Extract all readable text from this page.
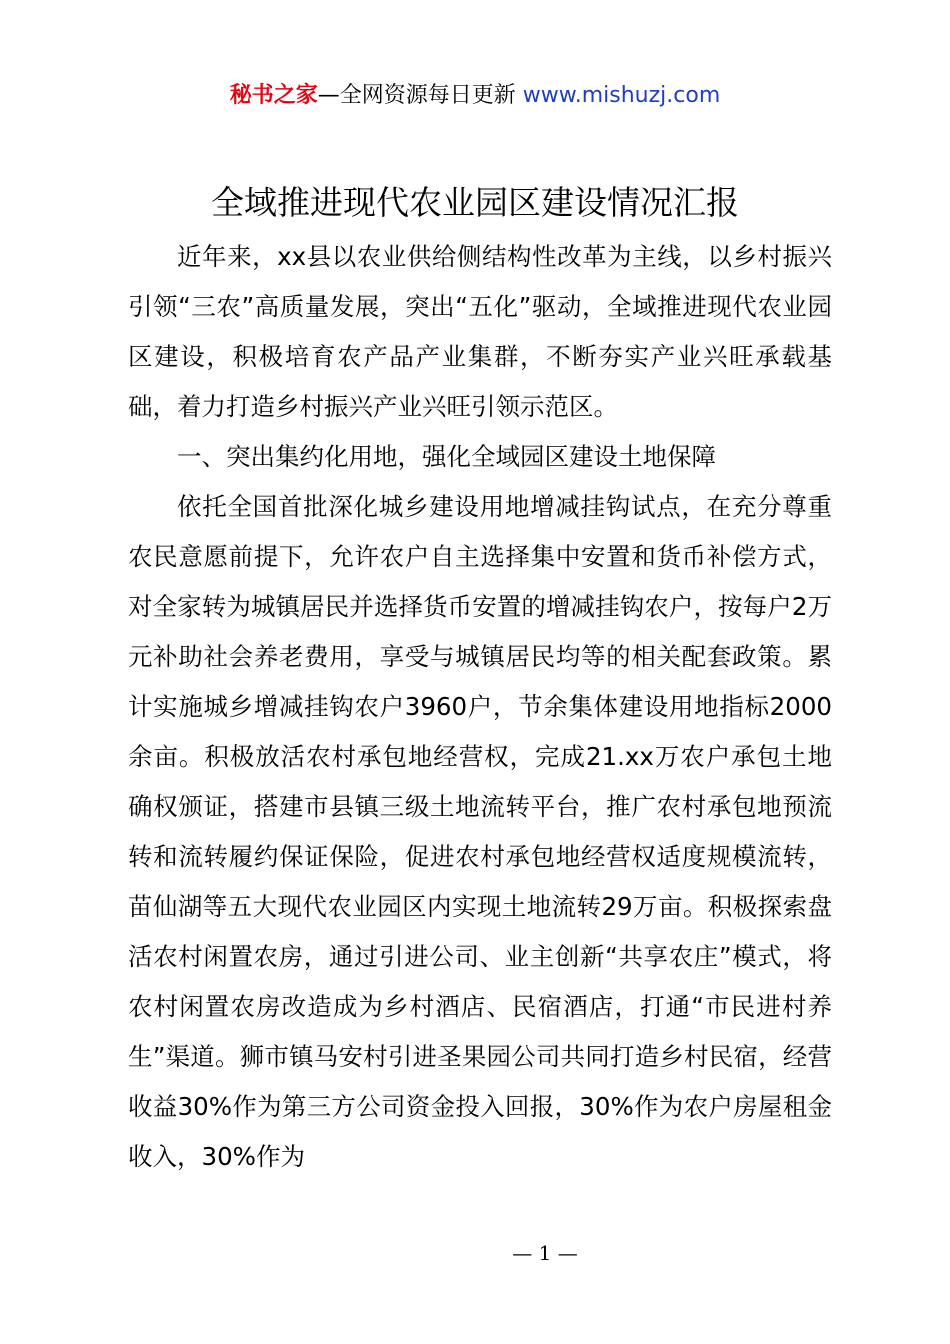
秘书之家—全网资源每日更新 www.mishuzj.com
全域推进现代农业园区建设情况汇报

近年来，xx县以农业供给侧结构性改革为主线，以乡村振兴引领“三农”高质量发展，突出“五化”驱动，全域推进现代农业园区建设，积极培育农产品产业集群，不断夯实产业兴旺承载基础，着力打造乡村振兴产业兴旺引领示范区。

一、突出集约化用地，强化全域园区建设土地保障

依托全国首批深化城乡建设用地增减挂钩试点，在充分尊重农民意愿前提下，允许农户自主选择集中安置和货币补偿方式，对全家转为城镇居民并选择货币安置的增减挂钩农户，按每户2万元补助社会养老费用，享受与城镇居民均等的相关配套政策。累计实施城乡增减挂钩农户3960户，节余集体建设用地指标2000余亩。积极放活农村承包地经营权，完成21.xx万农户承包土地确权颁证，搭建市县镇三级土地流转平台，推广农村承包地预流转和流转履约保证保险，促进农村承包地经营权适度规模流转，苗仙湖等五大现代农业园区内实现土地流转29万亩。积极探索盘活农村闲置农房，通过引进公司、业主创新“共享农庄”模式，将农村闲置农房改造成为乡村酒店、民宿酒店，打通“市民进村养生”渠道。狮市镇马安村引进圣果园公司共同打造乡村民宿，经营收益30%作为第三方公司资金投入回报，30%作为农户房屋租金收入，30%作为

— 1 —
